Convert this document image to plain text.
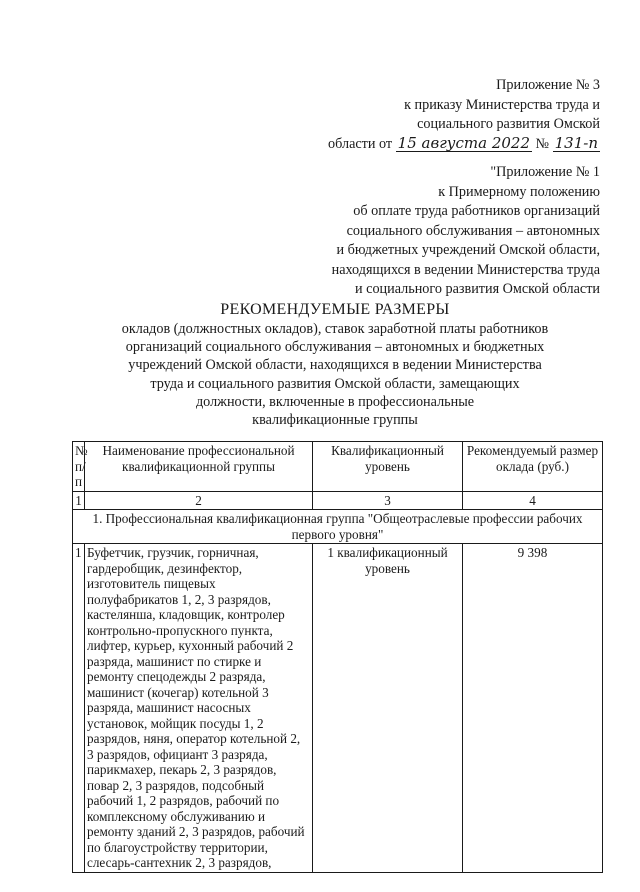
Приложение № 3
к приказу Министерства труда и
социального развития Омской
области от 15 августа 2022 № 131-п
"Приложение № 1
к Примерному положению
об оплате труда работников организаций
социального обслуживания – автономных
и бюджетных учреждений Омской области,
находящихся в ведении Министерства труда
и социального развития Омской области
РЕКОМЕНДУЕМЫЕ РАЗМЕРЫ
окладов (должностных окладов), ставок заработной платы работников
организаций социального обслуживания – автономных и бюджетных
учреждений Омской области, находящихся в ведении Министерства
труда и социального развития Омской области, замещающих
должности, включенные в профессиональные
квалификационные группы
№ п/п	Наименование профессиональной квалификационной группы	Квалификационный уровень	Рекомендуемый размер оклада (руб.)
1	2	3	4
1. Профессиональная квалификационная группа "Общеотраслевые профессии рабочих первого уровня"			
1	Буфетчик, грузчик, горничная, гардеробщик, дезинфектор, изготовитель пищевых полуфабрикатов 1, 2, 3 разрядов, кастелянша, кладовщик, контролер контрольно-пропускного пункта, лифтер, курьер, кухонный рабочий 2 разряда, машинист по стирке и ремонту спецодежды 2 разряда, машинист (кочегар) котельной 3 разряда, машинист насосных установок, мойщик посуды 1, 2 разрядов, няня, оператор котельной 2, 3 разрядов, официант 3 разряда, парикмахер, пекарь 2, 3 разрядов, повар 2, 3 разрядов, подсобный рабочий 1, 2 разрядов, рабочий по комплексному обслуживанию и ремонту зданий 2, 3 разрядов, рабочий по благоустройству территории, слесарь-сантехник 2, 3 разрядов,	1 квалификационный уровень	9 398
